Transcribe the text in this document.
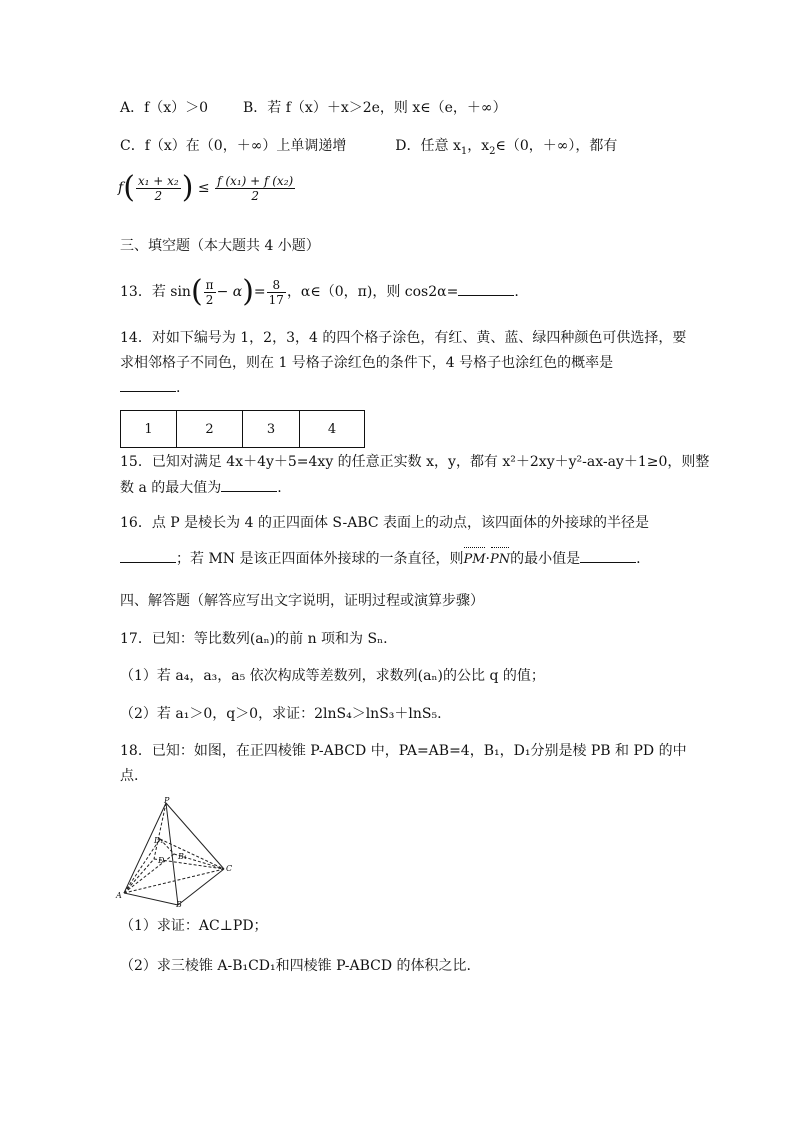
A．f（x）＞0 B．若 f（x）＋x＞2e，则 x∈（e，＋∞）
C．f（x）在（0，＋∞）上单调递增	D．任意 $x_1$，$x_2\in(0$，＋∞），都有
$f( \frac{\text{x₁ + x₂}}{2}$ ) ≤ $\frac{\text{f (x₁) + f (x₂)}}{2}$
三、填空题（本大题共 4 小题）
13．若 $\sin( \frac{\pi}{2} - \alpha)= \frac{8}{17}$ ，α∈（0，π)，则 cos2α=	.
14．对如下编号为 1，2，3，4 的四个格子涂色，有红、黄、蓝、绿四种颜色可供选择，要
求相邻格子不同色，则在 1 号格子涂红色的条件下，4 号格子也涂红色的概率是
.
1	2	3	4
15．已知对满足 4x＋4y＋5=4xy 的任意正实数 x，y，都有 x²＋2xy＋y²-ax-ay＋1≥0，则整
数 a 的最大值为	.
16．点 P 是棱长为 4 的正四面体 S-ABC 表面上的动点，该四面体的外接球的半径是
；若 MN 是该正四面体外接球的一条直径，则PM·PN的最小值是	.
四、解答题（解答应写出文字说明，证明过程或演算步骤）
17．已知：等比数列(aₙ)的前 n 项和为 Sₙ.
（1）若 a₄，a₃，a₅ 依次构成等差数列，求数列(aₙ)的公比 q 的值；
（2）若 a₁＞0，q＞0，求证：2lnS₄＞lnS₃＋lnS₅.
18．已知：如图，在正四棱锥 P-ABCD 中，PA=AB=4，B₁，D₁分别是棱 PB 和 PD 的中
点.
P
A
B
C
D
D₁
B₁
（1）求证：AC⊥PD；
（2）求三棱锥 A-B₁CD₁和四棱锥 P-ABCD 的体积之比.
